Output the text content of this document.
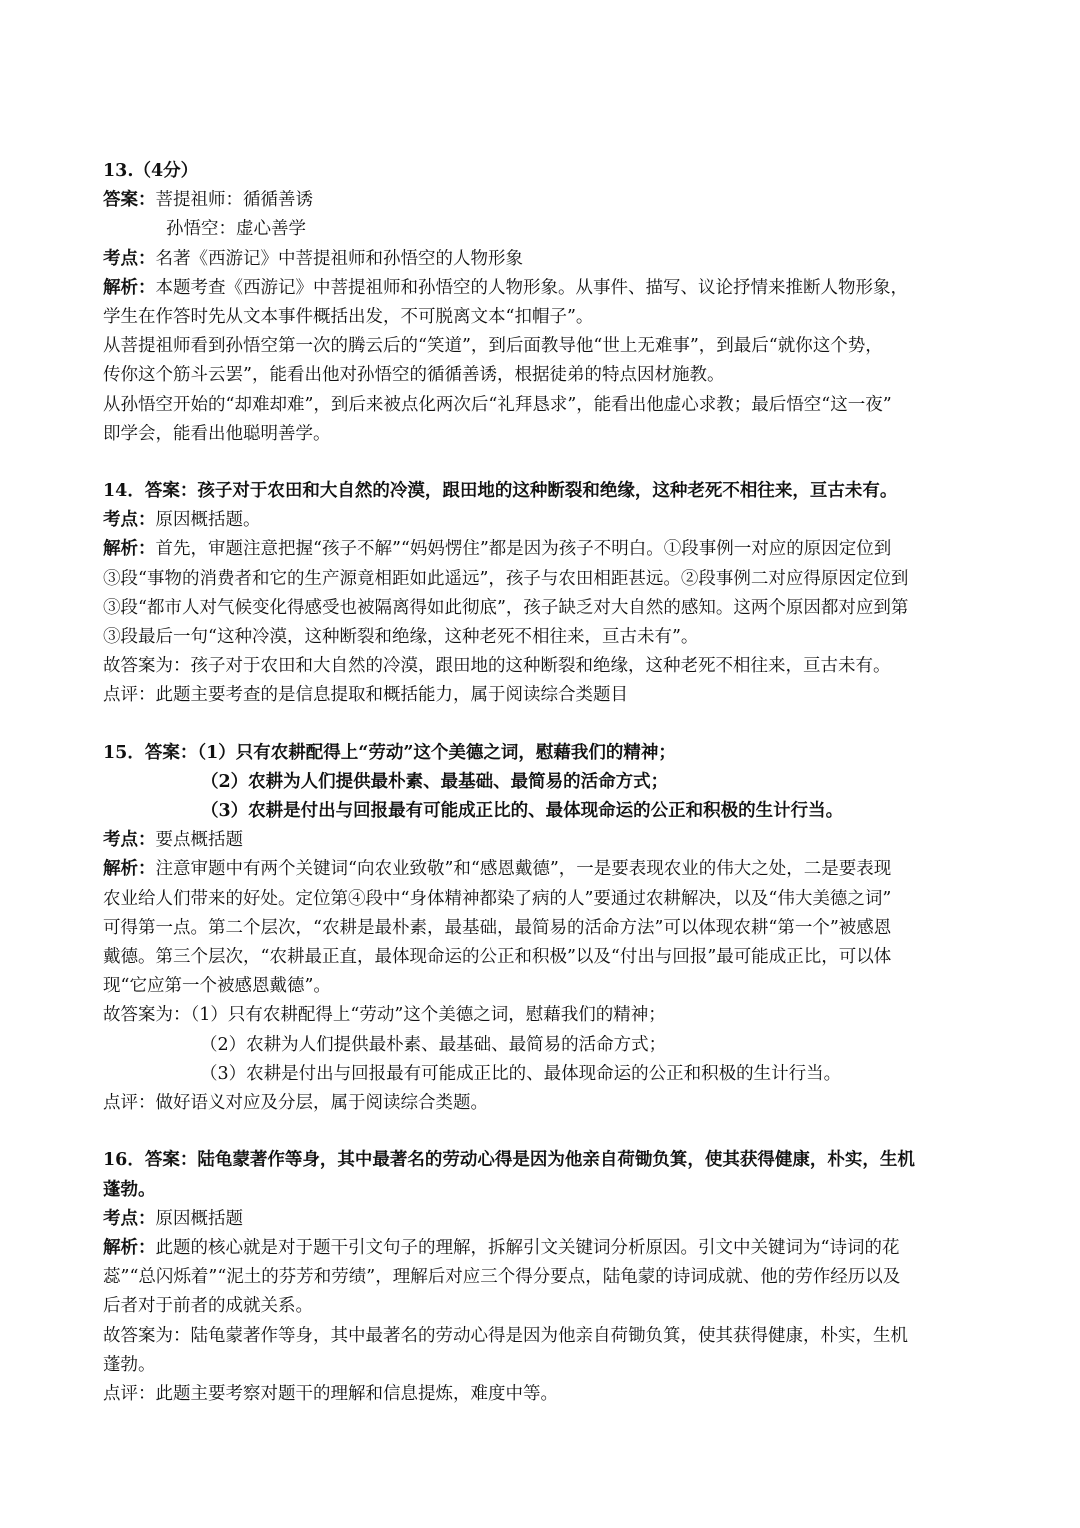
13.（4分）
答案：菩提祖师：循循善诱
孙悟空：虚心善学
考点：名著《西游记》中菩提祖师和孙悟空的人物形象
解析：本题考查《西游记》中菩提祖师和孙悟空的人物形象。从事件、描写、议论抒情来推断人物形象，
学生在作答时先从文本事件概括出发，不可脱离文本“扣帽子”。
从菩提祖师看到孙悟空第一次的腾云后的“笑道”，到后面教导他“世上无难事”，到最后“就你这个势，
传你这个筋斗云罢”，能看出他对孙悟空的循循善诱，根据徒弟的特点因材施教。
从孙悟空开始的“却难却难”，到后来被点化两次后“礼拜恳求”，能看出他虚心求教；最后悟空“这一夜”
即学会，能看出他聪明善学。
14．答案：孩子对于农田和大自然的冷漠，跟田地的这种断裂和绝缘，这种老死不相往来，亘古未有。
考点：原因概括题。
解析：首先，审题注意把握“孩子不解”“妈妈愣住”都是因为孩子不明白。①段事例一对应的原因定位到
③段“事物的消费者和它的生产源竟相距如此遥远”，孩子与农田相距甚远。②段事例二对应得原因定位到
③段“都市人对气候变化得感受也被隔离得如此彻底”，孩子缺乏对大自然的感知。这两个原因都对应到第
③段最后一句“这种冷漠，这种断裂和绝缘，这种老死不相往来，亘古未有”。
故答案为：孩子对于农田和大自然的冷漠，跟田地的这种断裂和绝缘，这种老死不相往来，亘古未有。
点评：此题主要考查的是信息提取和概括能力，属于阅读综合类题目
15．答案：（1）只有农耕配得上“劳动”这个美德之词，慰藉我们的精神；
（2）农耕为人们提供最朴素、最基础、最简易的活命方式；
（3）农耕是付出与回报最有可能成正比的、最体现命运的公正和积极的生计行当。
考点：要点概括题
解析：注意审题中有两个关键词“向农业致敬”和“感恩戴德”，一是要表现农业的伟大之处，二是要表现
农业给人们带来的好处。定位第④段中“身体精神都染了病的人”要通过农耕解决，以及“伟大美德之词”
可得第一点。第二个层次，“农耕是最朴素，最基础，最简易的活命方法”可以体现农耕“第一个”被感恩
戴德。第三个层次，“农耕最正直，最体现命运的公正和积极”以及“付出与回报”最可能成正比，可以体
现“它应第一个被感恩戴德”。
故答案为：（1）只有农耕配得上“劳动”这个美德之词，慰藉我们的精神；
（2）农耕为人们提供最朴素、最基础、最简易的活命方式；
（3）农耕是付出与回报最有可能成正比的、最体现命运的公正和积极的生计行当。
点评：做好语义对应及分层，属于阅读综合类题。
16．答案：陆龟蒙著作等身，其中最著名的劳动心得是因为他亲自荷锄负箕，使其获得健康，朴实，生机
蓬勃。
考点：原因概括题
解析：此题的核心就是对于题干引文句子的理解，拆解引文关键词分析原因。引文中关键词为“诗词的花
蕊”“总闪烁着”“泥土的芬芳和劳绩”，理解后对应三个得分要点，陆龟蒙的诗词成就、他的劳作经历以及
后者对于前者的成就关系。
故答案为：陆龟蒙著作等身，其中最著名的劳动心得是因为他亲自荷锄负箕，使其获得健康，朴实，生机
蓬勃。
点评：此题主要考察对题干的理解和信息提炼，难度中等。
